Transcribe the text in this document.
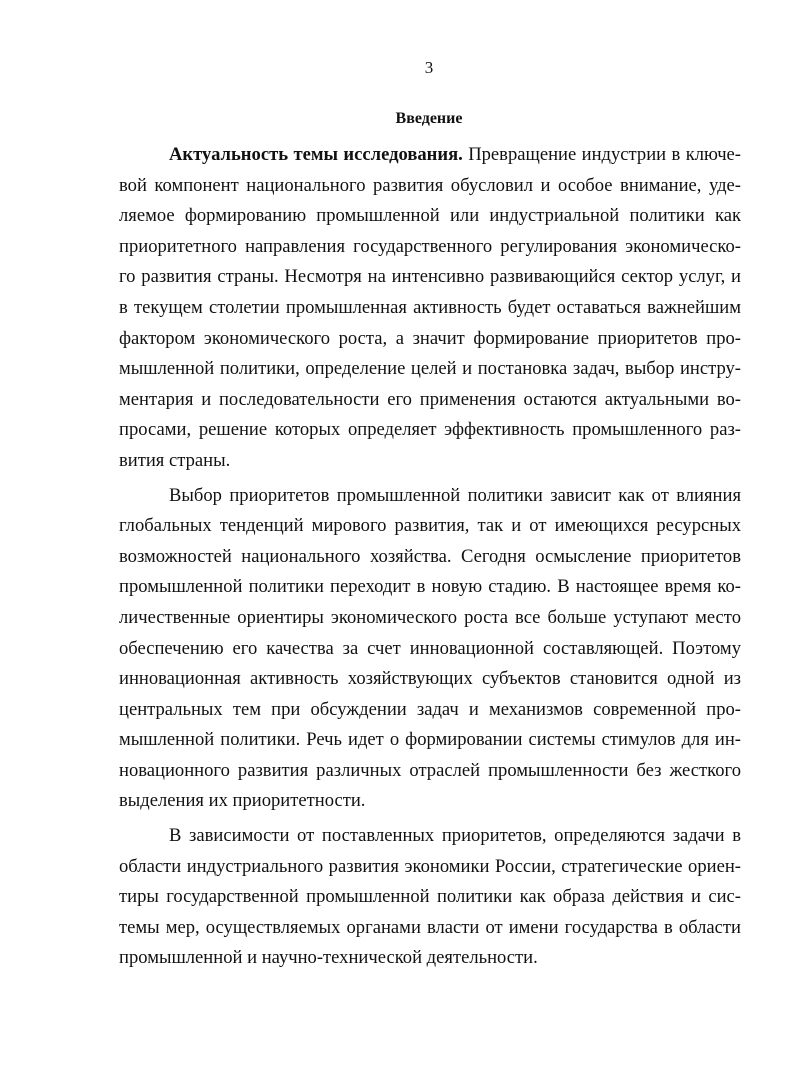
3
Введение
Актуальность темы исследования. Превращение индустрии в ключе-
вой компонент национального развития обусловил и особое внимание, уде-
ляемое формированию промышленной или индустриальной политики как
приоритетного направления государственного регулирования экономическо-
го развития страны. Несмотря на интенсивно развивающийся сектор услуг, и
в текущем столетии промышленная активность будет оставаться важнейшим
фактором экономического роста, а значит формирование приоритетов про-
мышленной политики, определение целей и постановка задач, выбор инстру-
ментария и последовательности его применения остаются актуальными во-
просами, решение которых определяет эффективность промышленного раз-
вития страны.
Выбор приоритетов промышленной политики зависит как от влияния
глобальных тенденций мирового развития, так и от имеющихся ресурсных
возможностей национального хозяйства. Сегодня осмысление приоритетов
промышленной политики переходит в новую стадию. В настоящее время ко-
личественные ориентиры экономического роста все больше уступают место
обеспечению его качества за счет инновационной составляющей. Поэтому
инновационная активность хозяйствующих субъектов становится одной из
центральных тем при обсуждении задач и механизмов современной про-
мышленной политики. Речь идет о формировании системы стимулов для ин-
новационного развития различных отраслей промышленности без жесткого
выделения их приоритетности.
В зависимости от поставленных приоритетов, определяются задачи в
области индустриального развития экономики России, стратегические ориен-
тиры государственной промышленной политики как образа действия и сис-
темы мер, осуществляемых органами власти от имени государства в области
промышленной и научно-технической деятельности.
